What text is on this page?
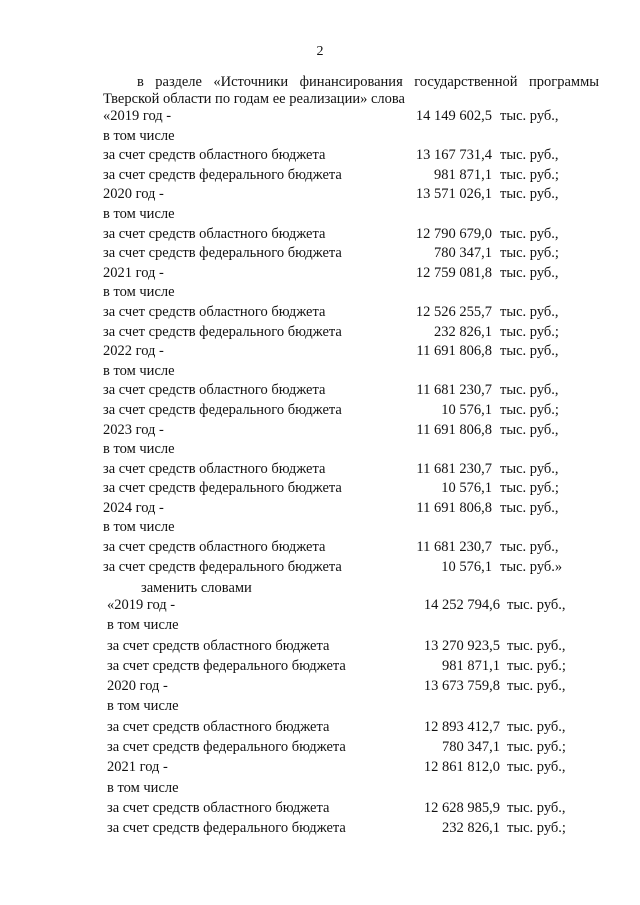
2
в разделе «Источники финансирования государственной программы
Тверской области по годам ее реализации» слова
«2019 год -	14 149 602,5 тыс. руб.,
в том числе
за счет средств областного бюджета	13 167 731,4 тыс. руб.,
за счет средств федерального бюджета	981 871,1 тыс. руб.;
2020 год -	13 571 026,1 тыс. руб.,
в том числе
за счет средств областного бюджета	12 790 679,0 тыс. руб.,
за счет средств федерального бюджета	780 347,1 тыс. руб.;
2021 год -	12 759 081,8 тыс. руб.,
в том числе
за счет средств областного бюджета	12 526 255,7 тыс. руб.,
за счет средств федерального бюджета	232 826,1 тыс. руб.;
2022 год -	11 691 806,8 тыс. руб.,
в том числе
за счет средств областного бюджета	11 681 230,7 тыс. руб.,
за счет средств федерального бюджета	10 576,1 тыс. руб.;
2023 год -	11 691 806,8 тыс. руб.,
в том числе
за счет средств областного бюджета	11 681 230,7 тыс. руб.,
за счет средств федерального бюджета	10 576,1 тыс. руб.;
2024 год -	11 691 806,8 тыс. руб.,
в том числе
за счет средств областного бюджета	11 681 230,7 тыс. руб.,
за счет средств федерального бюджета	10 576,1 тыс. руб.»
заменить словами
«2019 год -	14 252 794,6 тыс. руб.,
в том числе
за счет средств областного бюджета	13 270 923,5 тыс. руб.,
за счет средств федерального бюджета	981 871,1 тыс. руб.;
2020 год -	13 673 759,8 тыс. руб.,
в том числе
за счет средств областного бюджета	12 893 412,7 тыс. руб.,
за счет средств федерального бюджета	780 347,1 тыс. руб.;
2021 год -	12 861 812,0 тыс. руб.,
в том числе
за счет средств областного бюджета	12 628 985,9 тыс. руб.,
за счет средств федерального бюджета	232 826,1 тыс. руб.;
